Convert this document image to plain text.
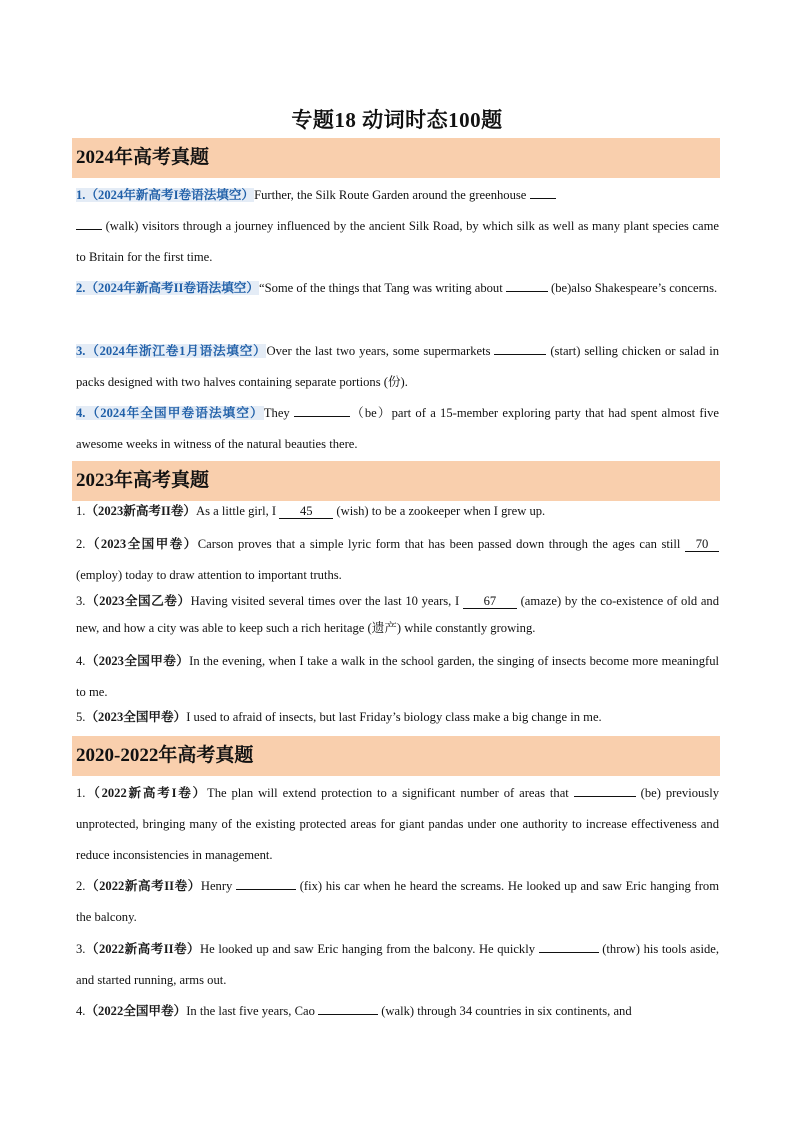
专题18 动词时态100题
2024年高考真题
1.（2024年新高考I卷语法填空）Further, the Silk Route Garden around the greenhouse
(walk) visitors through a journey influenced by the ancient Silk Road, by which silk as well as many plant species came to Britain for the first time.
2.（2024年新高考II卷语法填空）“Some of the things that Tang was writing about	(be)also Shakespeare’s concerns.
3.（2024年浙江卷1月语法填空）Over the last two years, some supermarkets	(start) selling chicken or salad in packs designed with two halves containing separate portions (份).
4.（2024年全国甲卷语法填空）They	（be）part of a 15-member exploring party that had spent almost five awesome weeks in witness of the natural beauties there.
2023年高考真题
1.（2023新高考II卷）As a little girl, I 45 (wish) to be a zookeeper when I grew up.
2.（2023全国甲卷）Carson proves that a simple lyric form that has been passed down through the ages can still 70 (employ) today to draw attention to important truths.
3.（2023全国乙卷）Having visited several times over the last 10 years, I 67 (amaze) by the co-existence of old and new, and how a city was able to keep such a rich heritage (遗产) while constantly growing.
4.（2023全国甲卷）In the evening, when I take a walk in the school garden, the singing of insects become more meaningful to me.
5.（2023全国甲卷）I used to afraid of insects, but last Friday’s biology class make a big change in me.
2020-2022年高考真题
1.（2022新高考I卷）The plan will extend protection to a significant number of areas that	(be) previously unprotected, bringing many of the existing protected areas for giant pandas under one authority to increase effectiveness and reduce inconsistencies in management.
2.（2022新高考II卷）Henry	(fix) his car when he heard the screams. He looked up and saw Eric hanging from the balcony.
3.（2022新高考II卷）He looked up and saw Eric hanging from the balcony. He quickly	(throw) his tools aside, and started running, arms out.
4.（2022全国甲卷）In the last five years, Cao	(walk) through 34 countries in six continents, and
